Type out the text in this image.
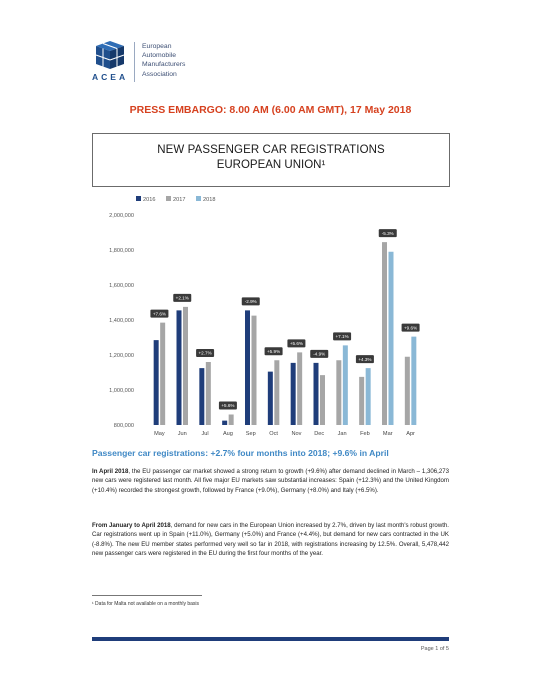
ACEA
European
Automobile
Manufacturers
Association
PRESS EMBARGO: 8.00 AM (6.00 AM GMT), 17 May 2018
NEW PASSENGER CAR REGISTRATIONS
EUROPEAN UNION¹
2016	2017	2018
2,000,000
1,800,000
1,600,000
1,400,000
1,200,000
1,000,000
800,000
May
+7.6%
Jun
+2.1%
Jul
+2.7%
Aug
+5.6%
Sep
-2.9%
Oct
+5.9%
Nov
+5.6%
Dec
-4.9%
Jan
+7.1%
Feb
+4.3%
Mar
-5.3%
Apr
+9.6%
Passenger car registrations: +2.7% four months into 2018; +9.6% in April
In April 2018, the EU passenger car market showed a strong return to growth (+9.6%) after demand declined in March – 1,306,273 new cars were registered last month. All five major EU markets saw substantial increases: Spain (+12.3%) and the United Kingdom (+10.4%) recorded the strongest growth, followed by France (+9.0%), Germany (+8.0%) and Italy (+6.5%).
From January to April 2018, demand for new cars in the European Union increased by 2.7%, driven by last month's robust growth. Car registrations went up in Spain (+11.0%), Germany (+5.0%) and France (+4.4%), but demand for new cars contracted in the UK (-8.8%). The new EU member states performed very well so far in 2018, with registrations increasing by 12.5%. Overall, 5,478,442 new passenger cars were registered in the EU during the first four months of the year.
¹ Data for Malta not available on a monthly basis
Page 1 of 5
